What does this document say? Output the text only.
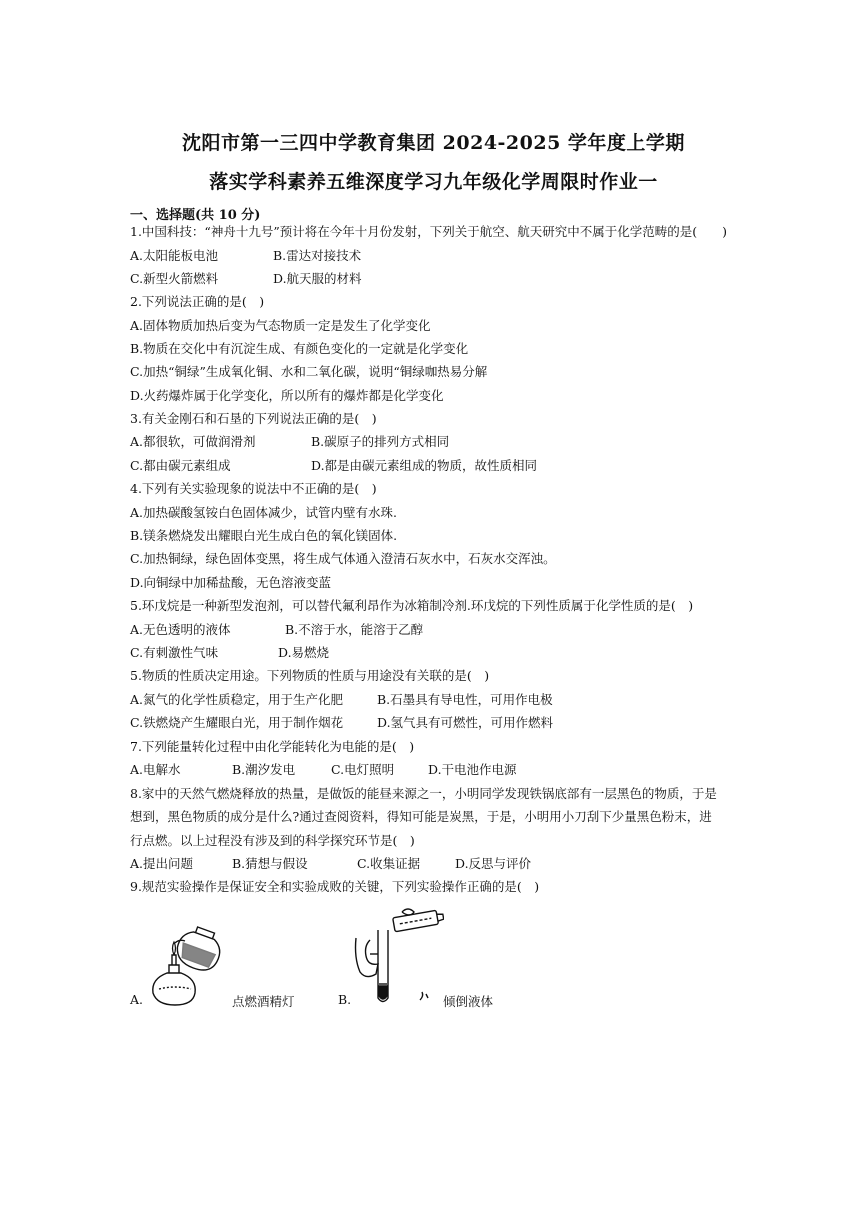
沈阳市第一三四中学教育集团 2024-2025 学年度上学期
落实学科素养五维深度学习九年级化学周限时作业一
一、选择题(共 10 分)
1.中国科技：“神舟十九号”预计将在今年十月份发射，下列关于航空、航天研究中不属于化学范畴的是(　　)
A.太阳能板电池	B.雷达对接技术
C.新型火箭燃料	D.航天服的材料
2.下列说法正确的是(　)
A.固体物质加热后变为气态物质一定是发生了化学变化
B.物质在交化中有沉淀生成、有颜色变化的一定就是化学变化
C.加热“铜绿”生成氧化铜、水和二氧化碳，说明“铜绿咖热易分解
D.火药爆炸属于化学变化，所以所有的爆炸都是化学变化
3.有关金刚石和石垦的下列说法正确的是(　)
A.都很软，可做润滑剂	B.碳原子的排列方式相同
C.都由碳元素组成	D.都是由碳元素组成的物质，故性质相同
4.下列有关实验现象的说法中不正确的是(　)
A.加热碳酸氢铵白色固体减少，试管内壁有水珠.
B.镁条燃烧发出耀眼白光生成白色的氧化镁固体.
C.加热铜绿，绿色固体变黑，将生成气体通入澄清石灰水中，石灰水交浑浊。
D.向铜绿中加稀盐酸，无色溶液变蓝
5.环戊烷是一种新型发泡剂，可以替代氟利昂作为冰箱制冷剂.环戊烷的下列性质属于化学性质的是(　)
A.无色透明的液体	B.不溶于水，能溶于乙醇
C.有刺激性气味	D.易燃烧
5.物质的性质决定用途。下列物质的性质与用途没有关联的是(　)
A.氮气的化学性质稳定，用于生产化肥	B.石墨具有导电性，可用作电极
C.铁燃烧产生耀眼白光，用于制作烟花	D.氢气具有可燃性，可用作燃料
7.下列能量转化过程中由化学能转化为电能的是(　)
A.电解水	B.潮汐发电	C.电灯照明	D.干电池作电源
8.家中的天然气燃烧释放的热量，是做饭的能昼来源之一，小明同学发现铁锅底部有一层黑色的物质，于是
想到，黑色物质的成分是什么?通过查阅资料，得知可能是炭黑，于是，小明用小刀刮下少量黑色粉末，进
行点燃。以上过程没有涉及到的科学探究环节是(　)
A.提出问题	B.猜想与假设	C.收集证据	D.反思与评价
9.规范实验操作是保证安全和实验成败的关键，下列实验操作正确的是(　)
A.	点燃酒精灯	B.	倾倒液体
